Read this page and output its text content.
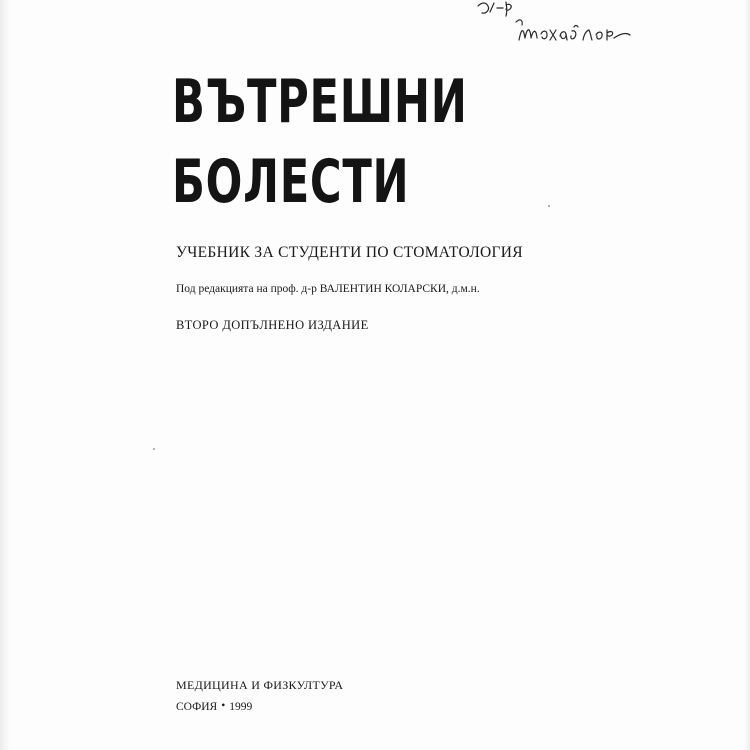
ВЪТРЕШНИ
БОЛЕСТИ
УЧЕБНИК ЗА СТУДЕНТИ ПО СТОМАТОЛОГИЯ
Под редакцията на проф. д-р ВАЛЕНТИН КОЛАРСКИ, д.м.н.
ВТОРО ДОПЪЛНЕНО ИЗДАНИЕ
МЕДИЦИНА И ФИЗКУЛТУРА
СОФИЯ • 1999
